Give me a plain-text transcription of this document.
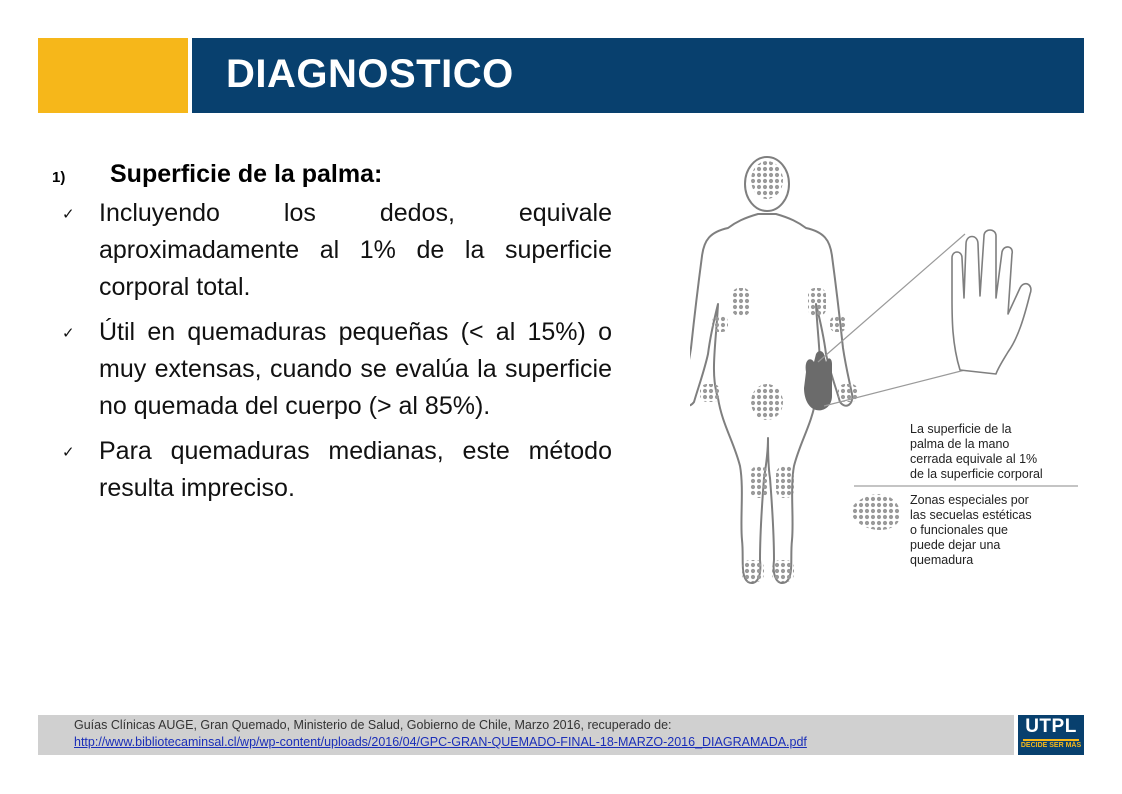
DIAGNOSTICO
1)	Superficie de la palma:
✓ Incluyendo los dedos, equivale aproximadamente al 1% de la superficie corporal total.
✓ Útil en quemaduras pequeñas (< al 15%) o muy extensas, cuando se evalúa la superficie no quemada del cuerpo (> al 85%).
✓ Para quemaduras medianas, este método resulta impreciso.
La superficie de la
palma de la mano
cerrada equivale al 1%
de la superficie corporal
Zonas especiales por
las secuelas estéticas
o funcionales que
puede dejar una
quemadura
Guías Clínicas AUGE, Gran Quemado, Ministerio de Salud, Gobierno de Chile, Marzo 2016, recuperado de:
http://www.bibliotecaminsal.cl/wp/wp-content/uploads/2016/04/GPC-GRAN-QUEMADO-FINAL-18-MARZO-2016_DIAGRAMADA.pdf
UTPL
DECIDE SER MÁS
